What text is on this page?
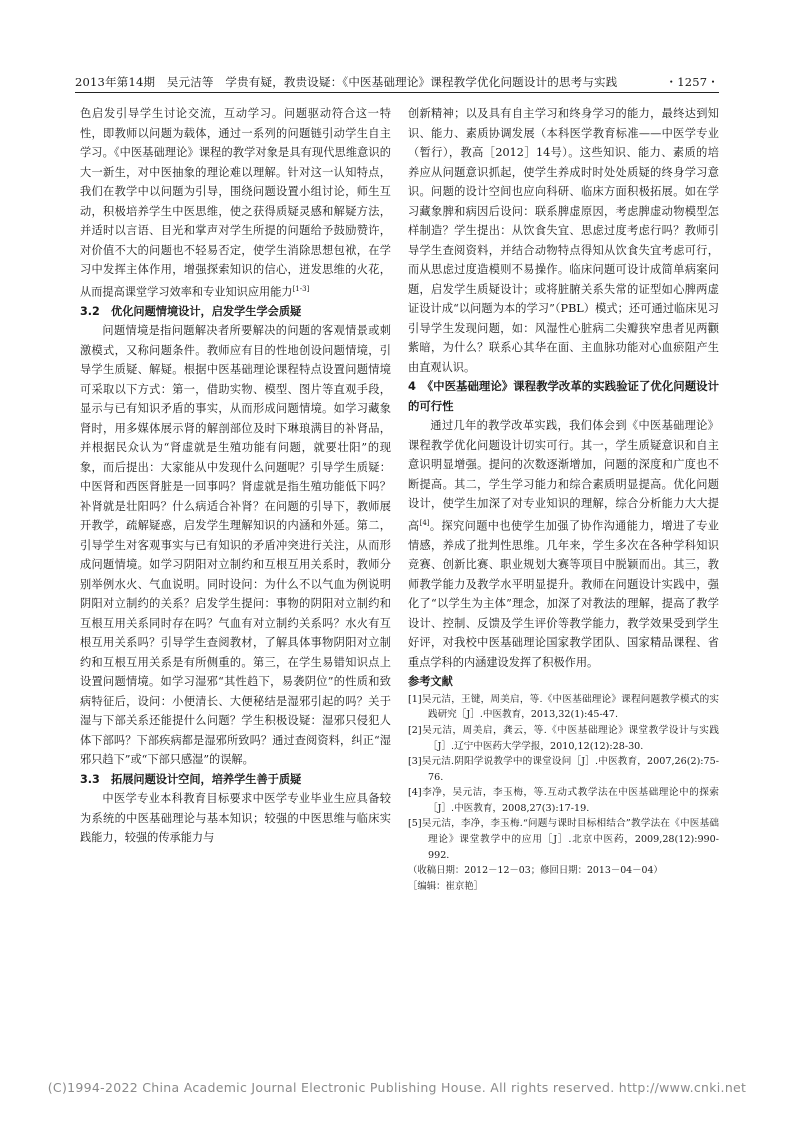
2013年第14期　吴元洁等　学贵有疑，教贵设疑：《中医基础理论》课程教学优化问题设计的思考与实践	・1257・

色启发引导学生讨论交流，互动学习。问题驱动符合这一特性，即教师以问题为载体，通过一系列的问题链引动学生自主学习。《中医基础理论》课程的教学对象是具有现代思维意识的大一新生，对中医抽象的理论难以理解。针对这一认知特点，我们在教学中以问题为引导，围绕问题设置小组讨论，师生互动，积极培养学生中医思维，使之获得质疑灵感和解疑方法，并适时以言语、目光和掌声对学生所提的问题给予鼓励赞许，对价值不大的问题也不轻易否定，使学生消除思想包袱，在学习中发挥主体作用，增强探索知识的信心，迸发思维的火花，从而提高课堂学习效率和专业知识应用能力[1-3]

3.2　优化问题情境设计，启发学生学会质疑

问题情境是指问题解决者所要解决的问题的客观情景或刺激模式，又称问题条件。教师应有目的性地创设问题情境，引导学生质疑、解疑。根据中医基础理论课程特点设置问题情境可采取以下方式：第一，借助实物、模型、图片等直观手段，显示与已有知识矛盾的事实，从而形成问题情境。如学习藏象肾时，用多媒体展示肾的解剖部位及时下琳琅满目的补肾品，并根据民众认为“肾虚就是生殖功能有问题，就要壮阳”的现象，而后提出：大家能从中发现什么问题呢？引导学生质疑：中医肾和西医肾脏是一回事吗？肾虚就是指生殖功能低下吗？补肾就是壮阳吗？什么病适合补肾？在问题的引导下，教师展开教学，疏解疑惑，启发学生理解知识的内涵和外延。第二，引导学生对客观事实与已有知识的矛盾冲突进行关注，从而形成问题情境。如学习阴阳对立制约和互根互用关系时，教师分别举例水火、气血说明。同时设问：为什么不以气血为例说明阴阳对立制约的关系？启发学生提问：事物的阴阳对立制约和互根互用关系同时存在吗？气血有对立制约关系吗？水火有互根互用关系吗？引导学生查阅教材，了解具体事物阴阳对立制约和互根互用关系是有所侧重的。第三，在学生易错知识点上设置问题情境。如学习湿邪“其性趋下，易袭阴位”的性质和致病特征后，设问：小便清长、大便秘结是湿邪引起的吗？关于湿与下部关系还能提什么问题？学生积极设疑：湿邪只侵犯人体下部吗？下部疾病都是湿邪所致吗？通过查阅资料，纠正“湿邪只趋下”或“下部只感湿”的误解。

3.3　拓展问题设计空间，培养学生善于质疑

中医学专业本科教育目标要求中医学专业毕业生应具备较为系统的中医基础理论与基本知识；较强的中医思维与临床实践能力，较强的传承能力与

创新精神；以及具有自主学习和终身学习的能力，最终达到知识、能力、素质协调发展（本科医学教育标准——中医学专业（暂行），教高［2012］14号）。这些知识、能力、素质的培养应从问题意识抓起，使学生养成时时处处质疑的终身学习意识。问题的设计空间也应向科研、临床方面积极拓展。如在学习藏象脾和病因后设问：联系脾虚原因，考虑脾虚动物模型怎样制造？学生提出：从饮食失宜、思虑过度考虑行吗？教师引导学生查阅资料，并结合动物特点得知从饮食失宜考虑可行，而从思虑过度造模则不易操作。临床问题可设计成简单病案问题，启发学生质疑设计；或将脏腑关系失常的证型如心脾两虚证设计成“以问题为本的学习”（PBL）模式；还可通过临床见习引导学生发现问题，如：风湿性心脏病二尖瓣狭窄患者见两颧紫暗，为什么？联系心其华在面、主血脉功能对心血瘀阻产生由直观认识。

4　《中医基础理论》课程教学改革的实践验证了优化问题设计的可行性

通过几年的教学改革实践，我们体会到《中医基础理论》课程教学优化问题设计切实可行。其一，学生质疑意识和自主意识明显增强。提问的次数逐渐增加，问题的深度和广度也不断提高。其二，学生学习能力和综合素质明显提高。优化问题设计，使学生加深了对专业知识的理解，综合分析能力大大提高[4]。探究问题中也使学生加强了协作沟通能力，增进了专业情感，养成了批判性思维。几年来，学生多次在各种学科知识竞赛、创新比赛、职业规划大赛等项目中脱颖而出。其三，教师教学能力及教学水平明显提升。教师在问题设计实践中，强化了“以学生为主体”理念，加深了对教法的理解，提高了教学设计、控制、反馈及学生评价等教学能力，教学效果受到学生好评，对我校中医基础理论国家教学团队、国家精品课程、省重点学科的内涵建设发挥了积极作用。

参考文献

[1]吴元洁，王键，周美启，等.《中医基础理论》课程问题教学模式的实践研究［J］.中医教育，2013,32(1):45-47.

[2]吴元洁，周美启，龚云，等.《中医基础理论》课堂教学设计与实践［J］.辽宁中医药大学学报，2010,12(12):28-30.

[3]吴元洁.阴阳学说教学中的课堂设问［J］.中医教育，2007,26(2):75-76.

[4]李净，吴元洁，李玉梅，等.互动式教学法在中医基础理论中的探索［J］.中医教育，2008,27(3):17-19.

[5]吴元洁，李净，李玉梅.“问题与课时目标相结合”教学法在《中医基础理论》课堂教学中的应用［J］.北京中医药，2009,28(12):990-992.

（收稿日期：2012－12－03；修回日期：2013－04－04）

［编辑：崔京艳］

(C)1994-2022 China Academic Journal Electronic Publishing House. All rights reserved. http://www.cnki.net
